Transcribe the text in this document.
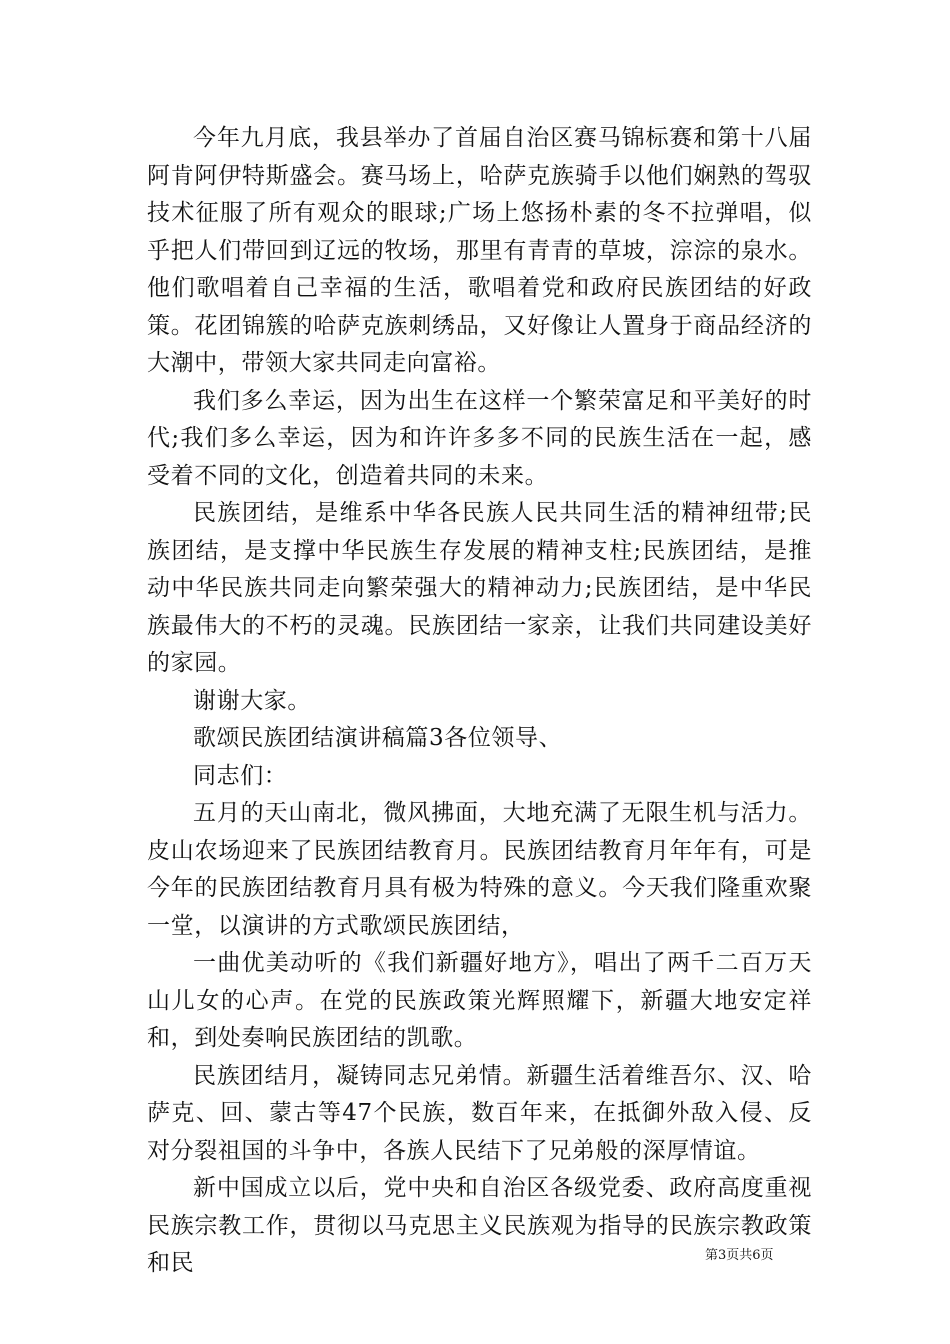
今年九月底，我县举办了首届自治区赛马锦标赛和第十八届阿肯阿伊特斯盛会。赛马场上，哈萨克族骑手以他们娴熟的驾驭技术征服了所有观众的眼球;广场上悠扬朴素的冬不拉弹唱，似乎把人们带回到辽远的牧场，那里有青青的草坡，淙淙的泉水。他们歌唱着自己幸福的生活，歌唱着党和政府民族团结的好政策。花团锦簇的哈萨克族刺绣品，又好像让人置身于商品经济的大潮中，带领大家共同走向富裕。

我们多么幸运，因为出生在这样一个繁荣富足和平美好的时代;我们多么幸运，因为和许许多多不同的民族生活在一起，感受着不同的文化，创造着共同的未来。

民族团结，是维系中华各民族人民共同生活的精神纽带;民族团结，是支撑中华民族生存发展的精神支柱;民族团结，是推动中华民族共同走向繁荣强大的精神动力;民族团结，是中华民族最伟大的不朽的灵魂。民族团结一家亲，让我们共同建设美好的家园。

谢谢大家。

歌颂民族团结演讲稿篇3各位领导、

同志们：

五月的天山南北，微风拂面，大地充满了无限生机与活力。皮山农场迎来了民族团结教育月。民族团结教育月年年有，可是今年的民族团结教育月具有极为特殊的意义。今天我们隆重欢聚一堂，以演讲的方式歌颂民族团结，

一曲优美动听的《我们新疆好地方》，唱出了两千二百万天山儿女的心声。在党的民族政策光辉照耀下，新疆大地安定祥和，到处奏响民族团结的凯歌。

民族团结月，凝铸同志兄弟情。新疆生活着维吾尔、汉、哈萨克、回、蒙古等47个民族，数百年来，在抵御外敌入侵、反对分裂祖国的斗争中，各族人民结下了兄弟般的深厚情谊。

新中国成立以后，党中央和自治区各级党委、政府高度重视民族宗教工作，贯彻以马克思主义民族观为指导的民族宗教政策和民	第3页共6页
